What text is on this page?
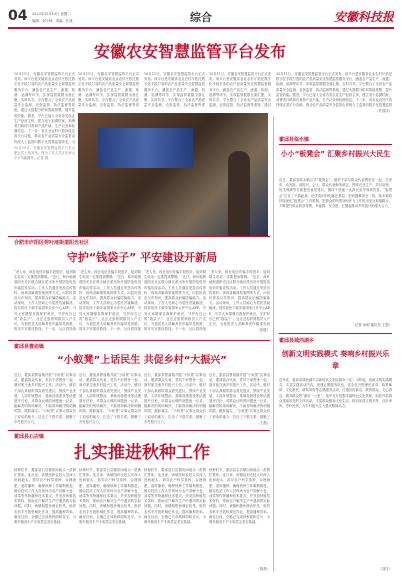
04	2023年10月10日 星期二
编辑：刘小林　美编：孔康	综合	安徽科技报
安徽农安智慧监管平台发布
10月11日，安徽农安智慧监管平台正式发布。该平台是安徽省农业农村厅依托数字化手段打造的农产品质量安全智慧监管服务平台，涵盖农产品生产、流通、检测、追溯等环节，实现监管数据全面汇聚、实时共享。平台整合了全省农产品质量安全监测、农资监管、执法监督等系统，通过大数据分析和智能预警，提升监管效能。据悉，平台已接入全省各类农业生产经营主体，建立电子追溯档案，消费者扫码即可查询产品产地、生产记录和检测信息。下一步，省农业农村厅将持续完善平台功能，推动农产品质量安全监管由传统人工监管向数字化智慧监管转变，为
10月11日，安徽农安智慧监管平台正式发布。该平台是安徽省农业农村厅依托数字化手段打造的农产品质量安全智慧监管服务平台，涵盖农产品生产、流通、检测、追溯等环节，实现监管数据全面汇聚、实时共享。平台整合了全省农产品质量安全监测、农资监管、执法监督等系
10月11日，安徽农安智慧监管平台正式发布。该平台是安徽省农业农村厅依托数字化手段打造的农产品质量安全智慧监管服务平台，涵盖农产品生产、流通、检测、追溯等环节，实现监管数据全面汇聚、实时共享。平台整合了全省农产品质量安全监测、农资监管、执法监督等系
10月11日，安徽农安智慧监管平台正式发布。该平台是安徽省农业农村厅依托数字化手段打造的农产品质量安全智慧监管服务平台，涵盖农产品生产、流通、检测、追溯等环节，实现监管数据全面汇聚、实时共享。平台整合了全省农产品质量安全监测、农资监管、执法监督等系统，通过
10月11日，安徽农安智慧监管平台正式发布。该平台是安徽省农业农村厅依托数字化手段打造的农产品质量安全智慧监管服务平台，涵盖农产品生产、流通、检测、追溯等环节，实现监管数据全面汇聚、实时共享。平台整合了全省农产品质量安全监测、农资监管、执法监督等系统，通过大数据分析和智能预警，提升监管效能。据悉，平台已接入全省各类农业生产经营主体，建立电子追溯档案，消费者扫码即可查询产品产地、生产记录和检测信息。下一步，省农业农村厅将持续完善平台功能，推动农产品质量安全监管由传统人工监管向数字化智慧监管
（许国庆）
10月10日，安徽农安智慧监管平台在合肥正式上线发布。图为工作人员正在演示平台功能操作。记者 摄
合肥市庐阳区荷叶地街道阳光社区
守护“钱袋子” 平安建设开新局
“老人家，现在电信诈骗手段很多，接到陌生电话一定要提高警惕。”近日，荷叶地街道阳光社区联合辖区派出所开展防范电信诈骗宣传活动。工作人员通过发放宣传资料、现场讲解典型案例等方式，向居民普及反诈知识，提高群众识骗防骗能力。活动现场，工作人员耐心为居民答疑解惑，指导居民下载安装国家反诈中心APP，引导大家增强自我保护意识，守护好自己的“钱袋子”。社区还组织网格员入户走访，为独居老人讲解养老诈骗常见套路，筑牢平安建设防线。下一步，社区将持续
“老人家，现在电信诈骗手段很多，接到陌生电话一定要提高警惕。”近日，荷叶地街道阳光社区联合辖区派出所开展防范电信诈骗宣传活动。工作人员通过发放宣传资料、现场讲解典型案例等方式，向居民普及反诈知识，提高群众识骗防骗能力。活动现场，工作人员耐心为居民答疑解惑，指导居民下载安装国家反诈中心APP，引导大家增强自我保护意识，守护好自己的“钱袋子”。社区还组织网格员入户走访，为独居老人讲解养老诈骗常见套路，筑牢平安建设防线。下一步，社区将持续
“老人家，现在电信诈骗手段很多，接到陌生电话一定要提高警惕。”近日，荷叶地街道阳光社区联合辖区派出所开展防范电信诈骗宣传活动。工作人员通过发放宣传资料、现场讲解典型案例等方式，向居民普及反诈知识，提高群众识骗防骗能力。活动现场，工作人员耐心为居民答疑解惑，指导居民下载安装国家反诈中心APP，引导大家增强自我保护意识，守护好自己的“钱袋子”。社区还组织网格员入户走访，为独居老人讲解养老诈骗常见套路，筑牢平安建设防线。下一步，社区将持续
“老人家，现在电信诈骗手段很多，接到陌生电话一定要提高警惕。”近日，荷叶地街道阳光社区联合辖区派出所开展防范电信诈骗宣传活动。工作人员通过发放宣传资料、现场讲解典型案例等方式，向居民普及反诈知识，提高群众识骗防骗能力。活动现场，工作人员耐心为居民答疑解惑，指导居民下载安装国家反诈中心APP，引导大家增强自我保护意识，守护好自己的“钱袋子”。社区还组织网格员入户走访，为独居老人讲解养老诈骗常见套
（张健）
霍邱县曹庙镇
“小蚁凳”上话民生 共促乡村“大振兴”
近日，霍邱县曹庙镇开展“小蚁凳”议事活动，邀请群众代表、党员干部围坐一起，面对面交流乡村振兴工作。活动中，镇村干部认真倾听群众意见建议，围绕产业发展、人居环境整治、基础设施建设等话题展开讨论，对群众反映的问题逐一记录，能解决的现场解决，不能现场解决的明确时限、跟踪落实。“小蚁凳”议事让群众有了说话的地方，拉近了干群关系，凝聚了乡村振兴合力。
近日，霍邱县曹庙镇开展“小蚁凳”议事活动，邀请群众代表、党员干部围坐一起，面对面交流乡村振兴工作。活动中，镇村干部认真倾听群众意见建议，围绕产业发展、人居环境整治、基础设施建设等话题展开讨论，对群众反映的问题逐一记录，能解决的现场解决，不能现场解决的明确时限、跟踪落实。“小蚁凳”议事让群众有了说话的地方，拉近了干群关系，凝聚了乡村振兴合力。
近日，霍邱县曹庙镇开展“小蚁凳”议事活动，邀请群众代表、党员干部围坐一起，面对面交流乡村振兴工作。活动中，镇村干部认真倾听群众意见建议，围绕产业发展、人居环境整治、基础设施建设等话题展开讨论，对群众反映的问题逐一记录，能解决的现场解决，不能现场解决的明确时限、跟踪落实。“小蚁凳”议事让群众有了说话的地方，拉近了干群关系，凝聚了乡村振兴合力。
近日，霍邱县曹庙镇开展“小蚁凳”议事活动，邀请群众代表、党员干部围坐一起，面对面交流乡村振兴工作。活动中，镇村干部认真倾听群众意见建议，围绕产业发展、人居环境整治、基础设施建设等话题展开讨论，对群众反映的问题逐一记录，能解决的现场解决，不能现场解决的明确时限、跟踪落实。“小蚁凳”议事让群众有了说话的地方，拉近了干群关系，凝聚了
（王磊）
霍邱县石店镇
扎实推进秋种工作
秋种时节，霍邱县石店镇田间地头一派繁忙景象。连日来，该镇组织农技人员深入田间地头，指导农户科学选种、合理施肥、适时播种，确保秋种工作顺利推进。镇农技站工作人员现场为农户讲解小麦、油菜等作物播种技术要点，并发放种植技术资料，帮助农户解决生产中遇到的实际问题。同时，该镇积极协调农机具，组织农机手开展机械化作业，提高播种效率。截至目前，全镇已完成秋种面积过半，为明年粮食丰产丰收奠定坚实基础。
秋种时节，霍邱县石店镇田间地头一派繁忙景象。连日来，该镇组织农技人员深入田间地头，指导农户科学选种、合理施肥、适时播种，确保秋种工作顺利推进。镇农技站工作人员现场为农户讲解小麦、油菜等作物播种技术要点，并发放种植技术资料，帮助农户解决生产中遇到的实际问题。同时，该镇积极协调农机具，组织农机手开展机械化作业，提高播种效率。截至目前，全镇已完成秋种面积过半，为明年粮食丰产丰收奠定坚实基础。
秋种时节，霍邱县石店镇田间地头一派繁忙景象。连日来，该镇组织农技人员深入田间地头，指导农户科学选种、合理施肥、适时播种，确保秋种工作顺利推进。镇农技站工作人员现场为农户讲解小麦、油菜等作物播种技术要点，并发放种植技术资料，帮助农户解决生产中遇到的实际问题。同时，该镇积极协调农机具，组织农机手开展机械化作业，提高播种效率。截至目前，全镇已完成秋种面积过半，为明年粮食丰产丰收奠定坚实基础。
秋种时节，霍邱县石店镇田间地头一派繁忙景象。连日来，该镇组织农技人员深入田间地头，指导农户科学选种、合理施肥、适时播种，确保秋种工作顺利推进。镇农技站工作人员现场为农户讲解小麦、油菜等作物播种技术要点，并发放种植技术资料，帮助农户解决生产中遇到的实际问题。同时，该镇积极协调农机具，组织农机手开展机械化作业，提高播种效率。截至目前，全镇已完成秋种面积过半，为明年粮食丰产丰收奠定坚实基础。
（陈晨）
霍邱县临水镇
小小“板凳会” 汇聚乡村振兴大民生
近日，霍邱县临水镇召开“板凳会”，镇村干部与群众代表围坐在一起，拉家常、话发展、谋振兴。会上，群众代表畅所欲言，围绕农业生产、乡村治理、民生保障等方面提出意见建议，镇村干部逐一认真记录并现场答复。“板凳会”拉近了干群距离，把矛盾纠纷化解在基层、把问题解决在一线。临水镇将持续深化“板凳会”工作机制，把群众的所思所盼作为工作的出发点和落脚点，不断提升群众的获得感、幸福感、安全感，汇聚起推动乡村振兴的强大合力。
（记者 孙明 通讯员 王强）
霍邱县城西湖乡
创新文明实践模式 奏响乡村振兴乐章
近年来，霍邱县城西湖乡以新时代文明实践所（站）为阵地，创新文明实践模式，丰富实践活动内容，组建志愿服务队伍，常态化开展理论宣讲、政策解读、文化惠民、移风易俗等志愿服务活动，打通宣传群众、教育群众、关心群众、服务群众的“最后一公里”。该乡充分挖掘本地特色文化资源，组织开展群众喜闻乐见的文体活动，丰富群众精神文化生活，推动形成文明乡风、良好家风、淳朴民风，为乡村振兴注入强大精神动力。
（刘洋）
